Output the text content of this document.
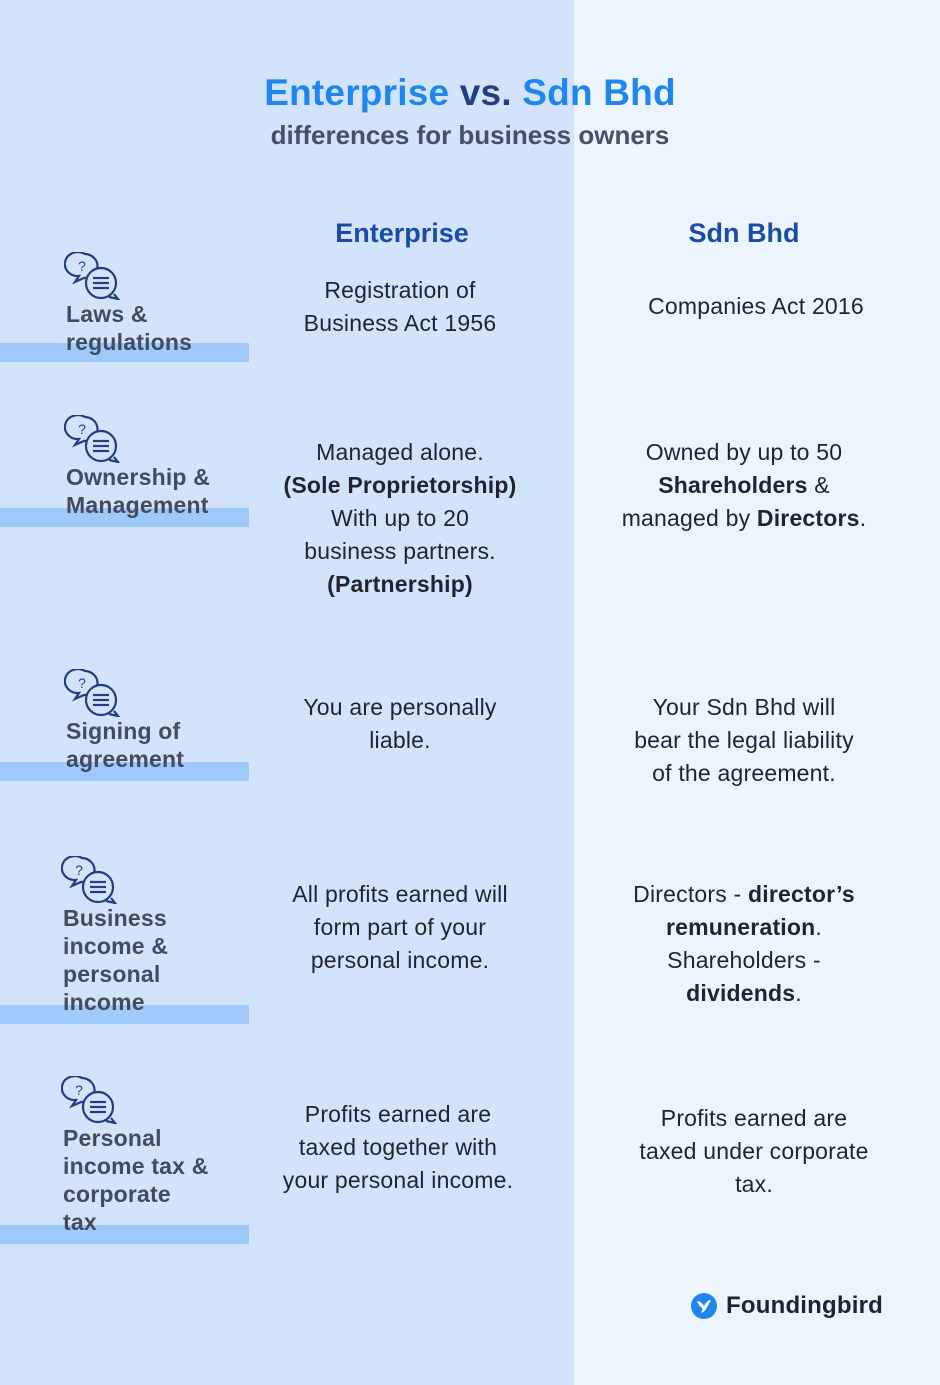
Enterprise vs. Sdn Bhd
differences for business owners
Enterprise	Sdn Bhd
?
Laws &
regulations
Registration of
Business Act 1956
Companies Act 2016
?
Ownership &
Management
Managed alone.
(Sole Proprietorship)
With up to 20
business partners.
(Partnership)
Owned by up to 50
Shareholders &
managed by Directors.
?
Signing of
agreement
You are personally
liable.
Your Sdn Bhd will
bear the legal liability
of the agreement.
?
Business
income &
personal
income
All profits earned will
form part of your
personal income.
Directors - director’s
remuneration.
Shareholders -
dividends.
?
Personal
income tax &
corporate
tax
Profits earned are
taxed together with
your personal income.
Profits earned are
taxed under corporate
tax.
Foundingbird
